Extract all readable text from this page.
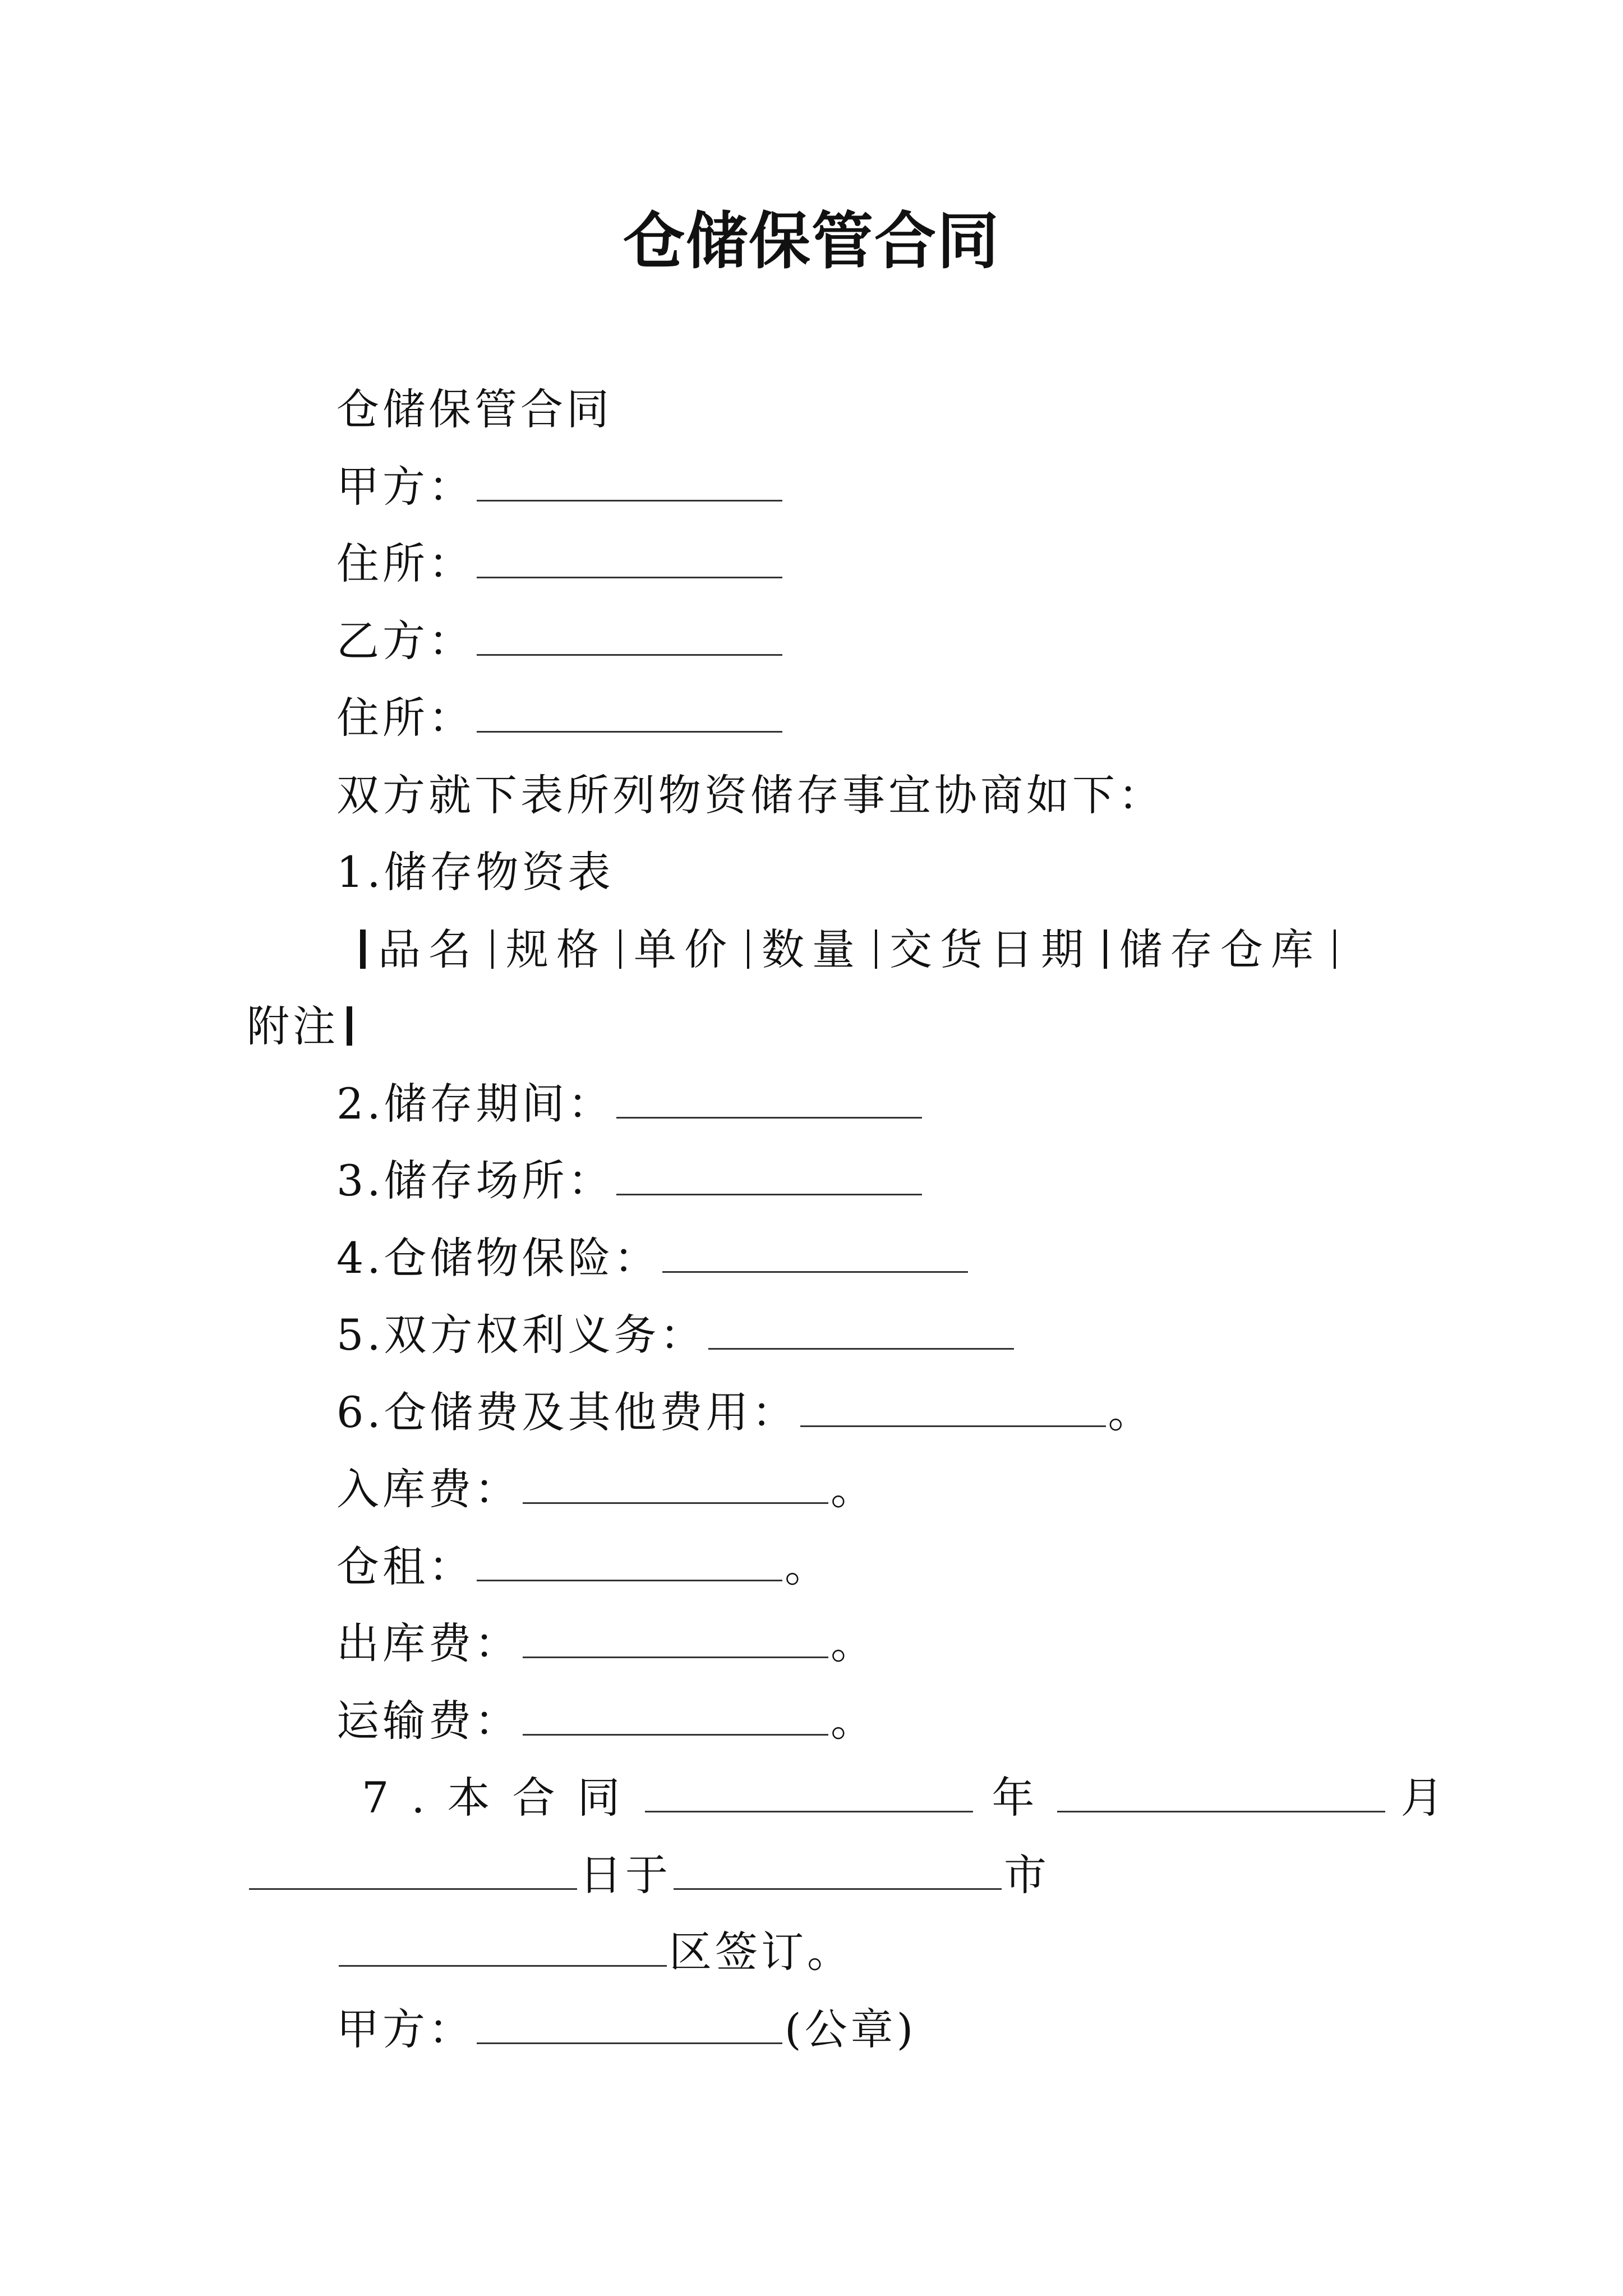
仓储保管合同
仓储保管合同
甲方：
住所：
乙方：
住所：
双方就下表所列物资储存事宜协商如下：
1.储存物资表
品名 规格 单价 数量 交货日期 储存仓库
附注
2.储存期间：
3.储存场所：
4.仓储物保险：
5.双方权利义务：
6.仓储费及其他费用：	。
入库费：	。
仓租：	。
出库费：	。
运输费：	。
7.本合同	年	月
日于	市
区签订。
甲方：	(公章)
